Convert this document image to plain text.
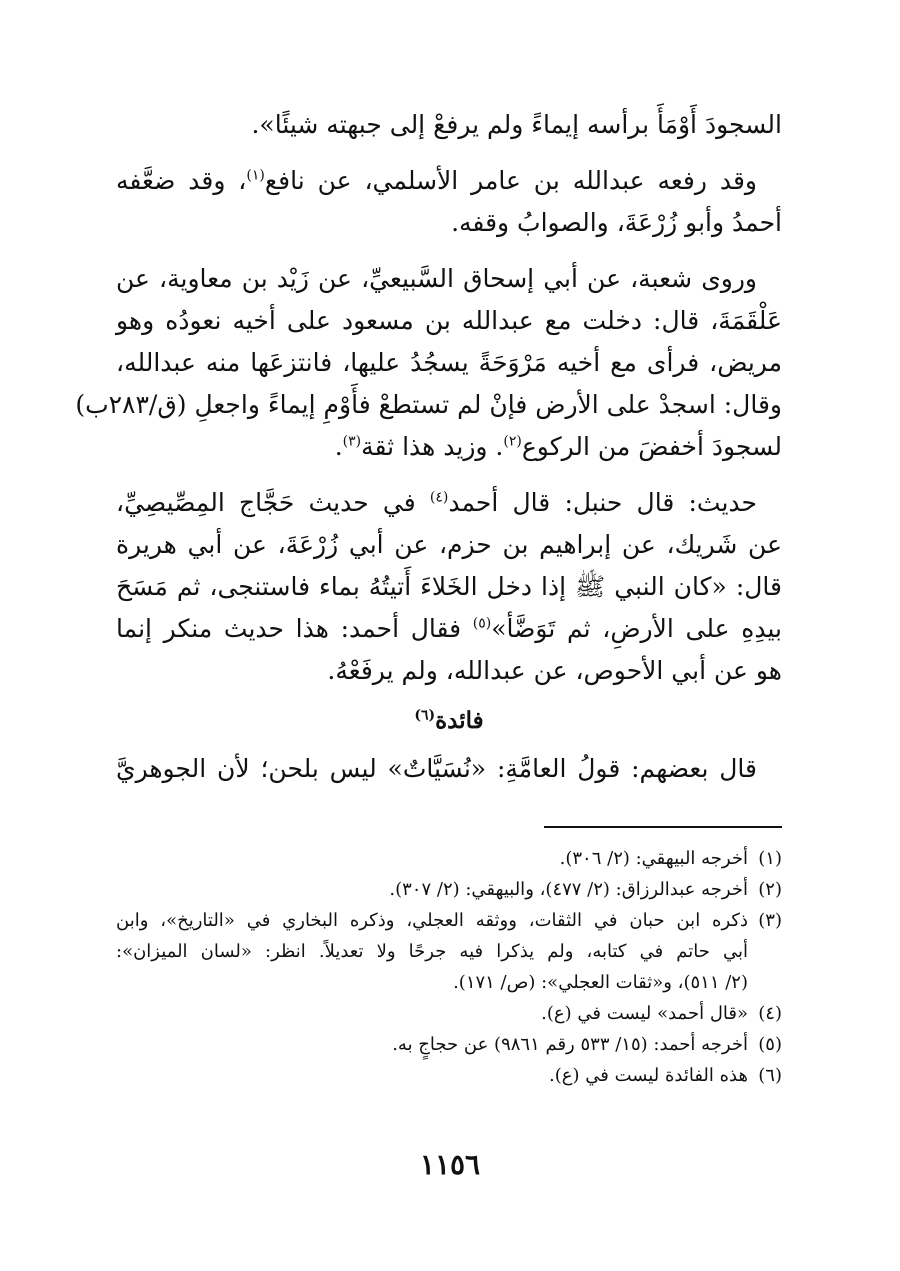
السجودَ أَوْمَأَ برأسه إيماءً ولم يرفعْ إلى جبهته شيئًا».
 وقد رفعه عبدالله بن عامر الأسلمي، عن نافع$^{(١)}$، وقد ضعَّفه
أحمدُ وأبو زُرْعَةَ، والصوابُ وقفه.
 وروى شعبة، عن أبي إسحاق السَّبيعيِّ، عن زَيْد بن معاوية، عن
عَلْقَمَةَ، قال: دخلت مع عبدالله بن مسعود على أخيه نعودُه وهو
مريض، فرأى مع أخيه مَرْوَحَةً يسجُدُ عليها، فانتزعَها منه عبدالله،
وقال: اسجدْ على الأرض فإنْ لم تستطعْ فأَوْمِ إيماءً واجعلِ (ق/٢٨٣ب)
لسجودَ أخفضَ من الركوع$^{(٢)}$. وزيد هذا ثقة$^{(٣)}$.
 حديث: قال حنبل: قال أحمد$^{(٤)}$ في حديث حَجَّاج المِصِّيصِيِّ،
عن شَريك، عن إبراهيم بن حزم، عن أبي زُرْعَةَ، عن أبي هريرة
قال: «كان النبي ﷺ إذا دخل الخَلاءَ أَتيتُهُ بماء فاستنجى، ثم مَسَحَ
بيدِهِ على الأرضِ، ثم تَوَضَّأ»$^{(٥)}$ فقال أحمد: هذا حديث منكر إنما
هو عن أبي الأحوص، عن عبدالله، ولم يرفَعْهُ.
فائدة$^{(٦)}$
 قال بعضهم: قولُ العامَّةِ: «نُسَيَّاتٌ» ليس بلحن؛ لأن الجوهريَّ
(١)
أخرجه البيهقي: (٢/ ٣٠٦).
(٢)
أخرجه عبدالرزاق: (٢/ ٤٧٧)، والبيهقي: (٢/ ٣٠٧).
(٣)
ذكره ابن حبان في الثقات، ووثقه العجلي، وذكره البخاري في «التاريخ»، وابن
أبي حاتم في كتابه، ولم يذكرا فيه جرحًا ولا تعديلاً. انظر: «لسان الميزان»:
(٢/ ٥١١)، و«ثقات العجلي»: (ص/ ١٧١).
(٤)
«قال أحمد» ليست في (ع).
(٥)
أخرجه أحمد: (١٥/ ٥٣٣ رقم ٩٨٦١) عن حجاجٍ به.
(٦)
هذه الفائدة ليست في (ع).
١١٥٦
